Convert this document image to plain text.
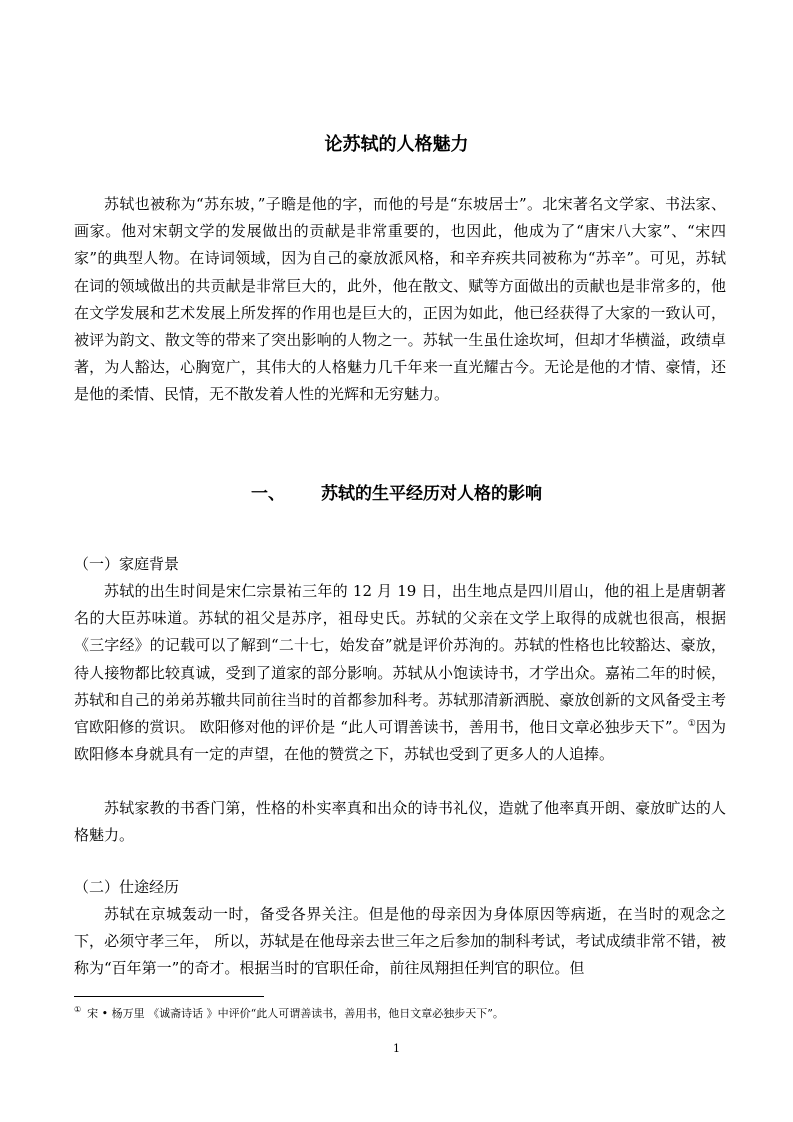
论苏轼的人格魅力

苏轼也被称为“苏东坡，”子瞻是他的字，而他的号是“东坡居士”。北宋著名文学家、书法家、画家。他对宋朝文学的发展做出的贡献是非常重要的，也因此，他成为了“唐宋八大家”、“宋四家”的典型人物。在诗词领域，因为自己的豪放派风格，和辛弃疾共同被称为“苏辛”。可见，苏轼在词的领域做出的共贡献是非常巨大的，此外，他在散文、赋等方面做出的贡献也是非常多的，他在文学发展和艺术发展上所发挥的作用也是巨大的，正因为如此，他已经获得了大家的一致认可，被评为韵文、散文等的带来了突出影响的人物之一。苏轼一生虽仕途坎坷，但却才华横溢，政绩卓著，为人豁达，心胸宽广，其伟大的人格魅力几千年来一直光耀古今。无论是他的才情、豪情，还是他的柔情、民情，无不散发着人性的光辉和无穷魅力。

一、 苏轼的生平经历对人格的影响

（一）家庭背景

苏轼的出生时间是宋仁宗景祐三年的 12 月 19 日，出生地点是四川眉山，他的祖上是唐朝著名的大臣苏味道。苏轼的祖父是苏序，祖母史氏。苏轼的父亲在文学上取得的成就也很高，根据《三字经》的记载可以了解到“二十七，始发奋”就是评价苏洵的。苏轼的性格也比较豁达、豪放，待人接物都比较真诚，受到了道家的部分影响。苏轼从小饱读诗书，才学出众。嘉祐二年的时候，苏轼和自己的弟弟苏辙共同前往当时的首都参加科考。苏轼那清新洒脱、豪放创新的文风备受主考官欧阳修的赏识。 欧阳修对他的评价是 “此人可谓善读书，善用书，他日文章必独步天下”。①因为欧阳修本身就具有一定的声望，在他的赞赏之下，苏轼也受到了更多人的人追捧。

苏轼家教的书香门第，性格的朴实率真和出众的诗书礼仪，造就了他率真开朗、豪放旷达的人格魅力。

（二）仕途经历

苏轼在京城轰动一时，备受各界关注。但是他的母亲因为身体原因等病逝，在当时的观念之下，必须守孝三年， 所以，苏轼是在他母亲去世三年之后参加的制科考试，考试成绩非常不错，被称为“百年第一”的奇才。根据当时的官职任命，前往凤翔担任判官的职位。但

① 宋 • 杨万里 《诚斋诗话 》中评价“此人可谓善读书，善用书，他日文章必独步天下”。

1
